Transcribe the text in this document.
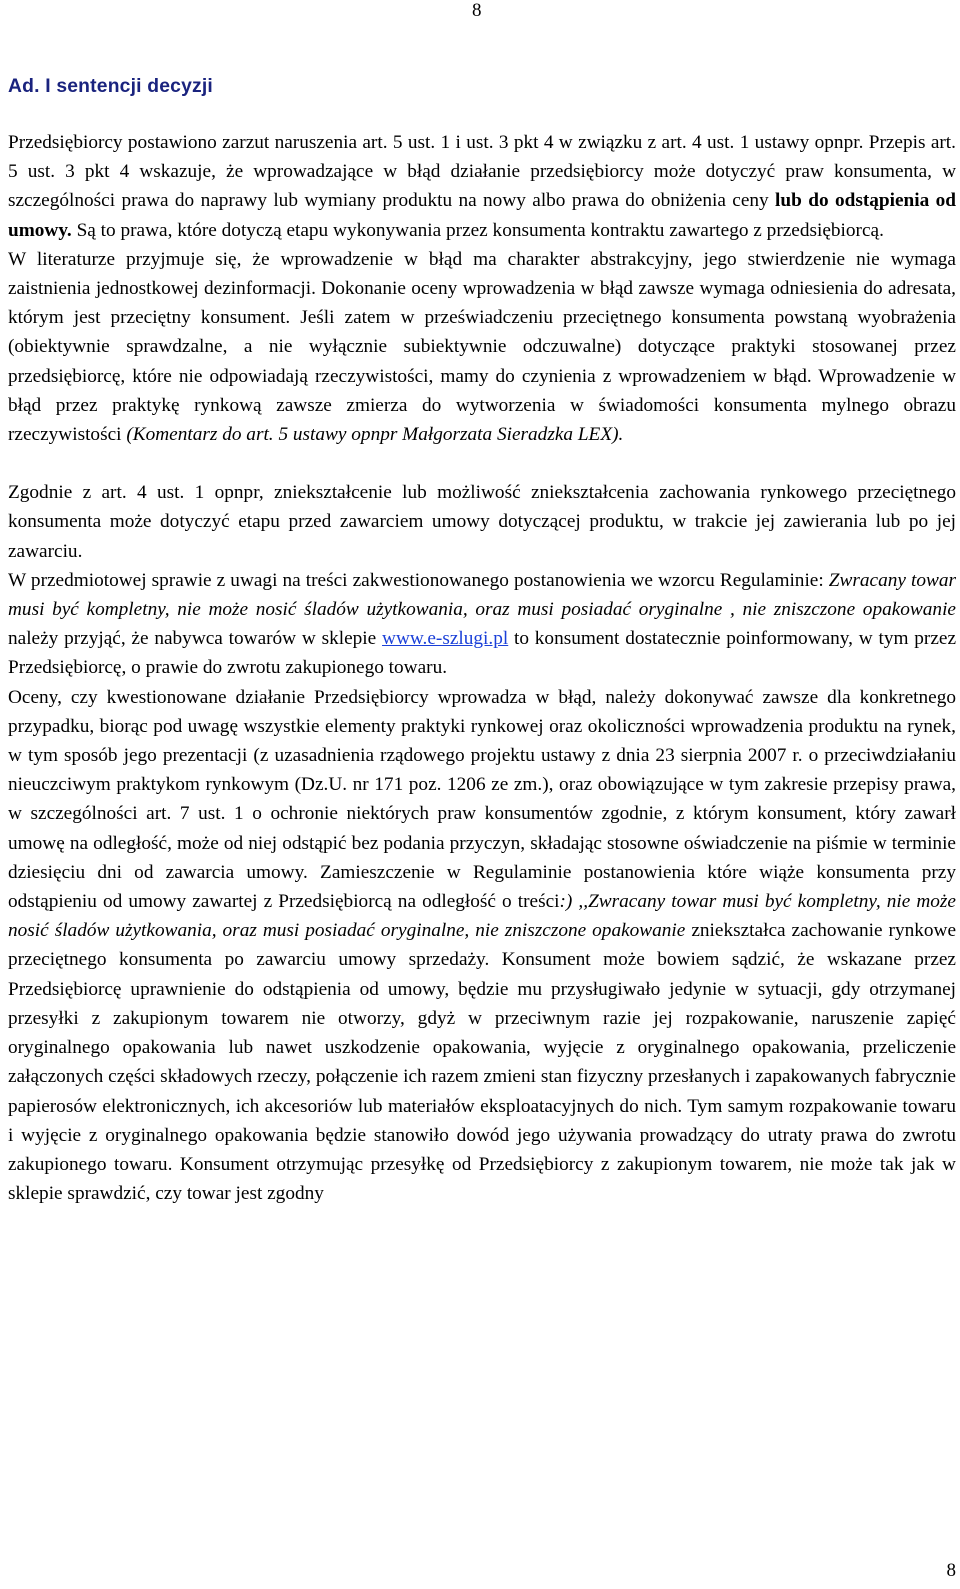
8
Ad. I sentencji decyzji

Przedsiębiorcy postawiono zarzut naruszenia art. 5 ust. 1 i ust. 3 pkt 4 w związku z art. 4 ust. 1 ustawy opnpr. Przepis art. 5 ust. 3 pkt 4 wskazuje, że wprowadzające w błąd działanie przedsiębiorcy może dotyczyć praw konsumenta, w szczególności prawa do naprawy lub wymiany produktu na nowy albo prawa do obniżenia ceny lub do odstąpienia od umowy. Są to prawa, które dotyczą etapu wykonywania przez konsumenta kontraktu zawartego z przedsiębiorcą.

W literaturze przyjmuje się, że wprowadzenie w błąd ma charakter abstrakcyjny, jego stwierdzenie nie wymaga zaistnienia jednostkowej dezinformacji. Dokonanie oceny wprowadzenia w błąd zawsze wymaga odniesienia do adresata, którym jest przeciętny konsument. Jeśli zatem w przeświadczeniu przeciętnego konsumenta powstaną wyobrażenia (obiektywnie sprawdzalne, a nie wyłącznie subiektywnie odczuwalne) dotyczące praktyki stosowanej przez przedsiębiorcę, które nie odpowiadają rzeczywistości, mamy do czynienia z wprowadzeniem w błąd. Wprowadzenie w błąd przez praktykę rynkową zawsze zmierza do wytworzenia w świadomości konsumenta mylnego obrazu rzeczywistości (Komentarz do art. 5 ustawy opnpr Małgorzata Sieradzka LEX).

Zgodnie z art. 4 ust. 1 opnpr, zniekształcenie lub możliwość zniekształcenia zachowania rynkowego przeciętnego konsumenta może dotyczyć etapu przed zawarciem umowy dotyczącej produktu, w trakcie jej zawierania lub po jej zawarciu.

W przedmiotowej sprawie z uwagi na treści zakwestionowanego postanowienia we wzorcu Regulaminie: Zwracany towar musi być kompletny, nie może nosić śladów użytkowania, oraz musi posiadać oryginalne , nie zniszczone opakowanie należy przyjąć, że nabywca towarów w sklepie www.e-szlugi.pl to konsument dostatecznie poinformowany, w tym przez Przedsiębiorcę, o prawie do zwrotu zakupionego towaru.

Oceny, czy kwestionowane działanie Przedsiębiorcy wprowadza w błąd, należy dokonywać zawsze dla konkretnego przypadku, biorąc pod uwagę wszystkie elementy praktyki rynkowej oraz okoliczności wprowadzenia produktu na rynek, w tym sposób jego prezentacji (z uzasadnienia rządowego projektu ustawy z dnia 23 sierpnia 2007 r. o przeciwdziałaniu nieuczciwym praktykom rynkowym (Dz.U. nr 171 poz. 1206 ze zm.), oraz obowiązujące w tym zakresie przepisy prawa, w szczególności art. 7 ust. 1 o ochronie niektórych praw konsumentów zgodnie, z którym konsument, który zawarł umowę na odległość, może od niej odstąpić bez podania przyczyn, składając stosowne oświadczenie na piśmie w terminie dziesięciu dni od zawarcia umowy. Zamieszczenie w Regulaminie postanowienia które wiąże konsumenta przy odstąpieniu od umowy zawartej z Przedsiębiorcą na odległość o treści:) ,,Zwracany towar musi być kompletny, nie może nosić śladów użytkowania, oraz musi posiadać oryginalne, nie zniszczone opakowanie zniekształca zachowanie rynkowe przeciętnego konsumenta po zawarciu umowy sprzedaży. Konsument może bowiem sądzić, że wskazane przez Przedsiębiorcę uprawnienie do odstąpienia od umowy, będzie mu przysługiwało jedynie w sytuacji, gdy otrzymanej przesyłki z zakupionym towarem nie otworzy, gdyż w przeciwnym razie jej rozpakowanie, naruszenie zapięć oryginalnego opakowania lub nawet uszkodzenie opakowania, wyjęcie z oryginalnego opakowania, przeliczenie załączonych części składowych rzeczy, połączenie ich razem zmieni stan fizyczny przesłanych i zapakowanych fabrycznie papierosów elektronicznych, ich akcesoriów lub materiałów eksploatacyjnych do nich. Tym samym rozpakowanie towaru i wyjęcie z oryginalnego opakowania będzie stanowiło dowód jego używania prowadzący do utraty prawa do zwrotu zakupionego towaru. Konsument otrzymując przesyłkę od Przedsiębiorcy z zakupionym towarem, nie może tak jak w sklepie sprawdzić, czy towar jest zgodny

8
